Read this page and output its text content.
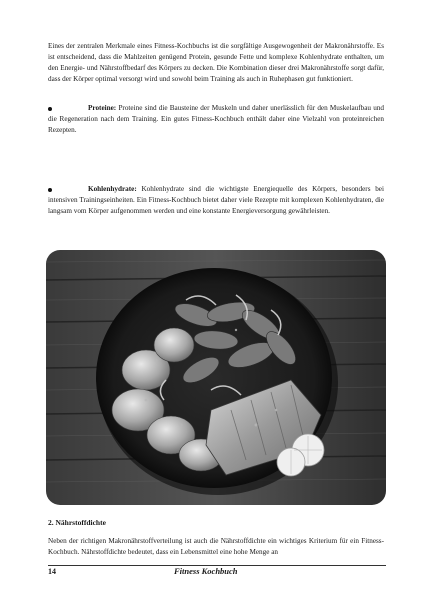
Eines der zentralen Merkmale eines Fitness-Kochbuchs ist die sorgfältige Ausgewogenheit der Makronährstoffe. Es ist entscheidend, dass die Mahlzeiten genügend Protein, gesunde Fette und komplexe Kohlenhydrate enthalten, um den Energie- und Nährstoffbedarf des Körpers zu decken. Die Kombination dieser drei Makronährstoffe sorgt dafür, dass der Körper optimal versorgt wird und sowohl beim Training als auch in Ruhephasen gut funktioniert.

Proteine: Proteine sind die Bausteine der Muskeln und daher unerlässlich für den Muskelaufbau und die Regeneration nach dem Training. Ein gutes Fitness-Kochbuch enthält daher eine Vielzahl von proteinreichen Rezepten.

Kohlenhydrate: Kohlenhydrate sind die wichtigste Energiequelle des Körpers, besonders bei intensiven Trainingseinheiten. Ein Fitness-Kochbuch bietet daher viele Rezepte mit komplexen Kohlenhydraten, die langsam vom Körper aufgenommen werden und eine konstante Energieversorgung gewährleisten.

2. Nährstoffdichte

Neben der richtigen Makronährstoffverteilung ist auch die Nährstoffdichte ein wichtiges Kriterium für ein Fitness-Kochbuch. Nährstoffdichte bedeutet, dass ein Lebensmittel eine hohe Menge an

14	Fitness Kochbuch
